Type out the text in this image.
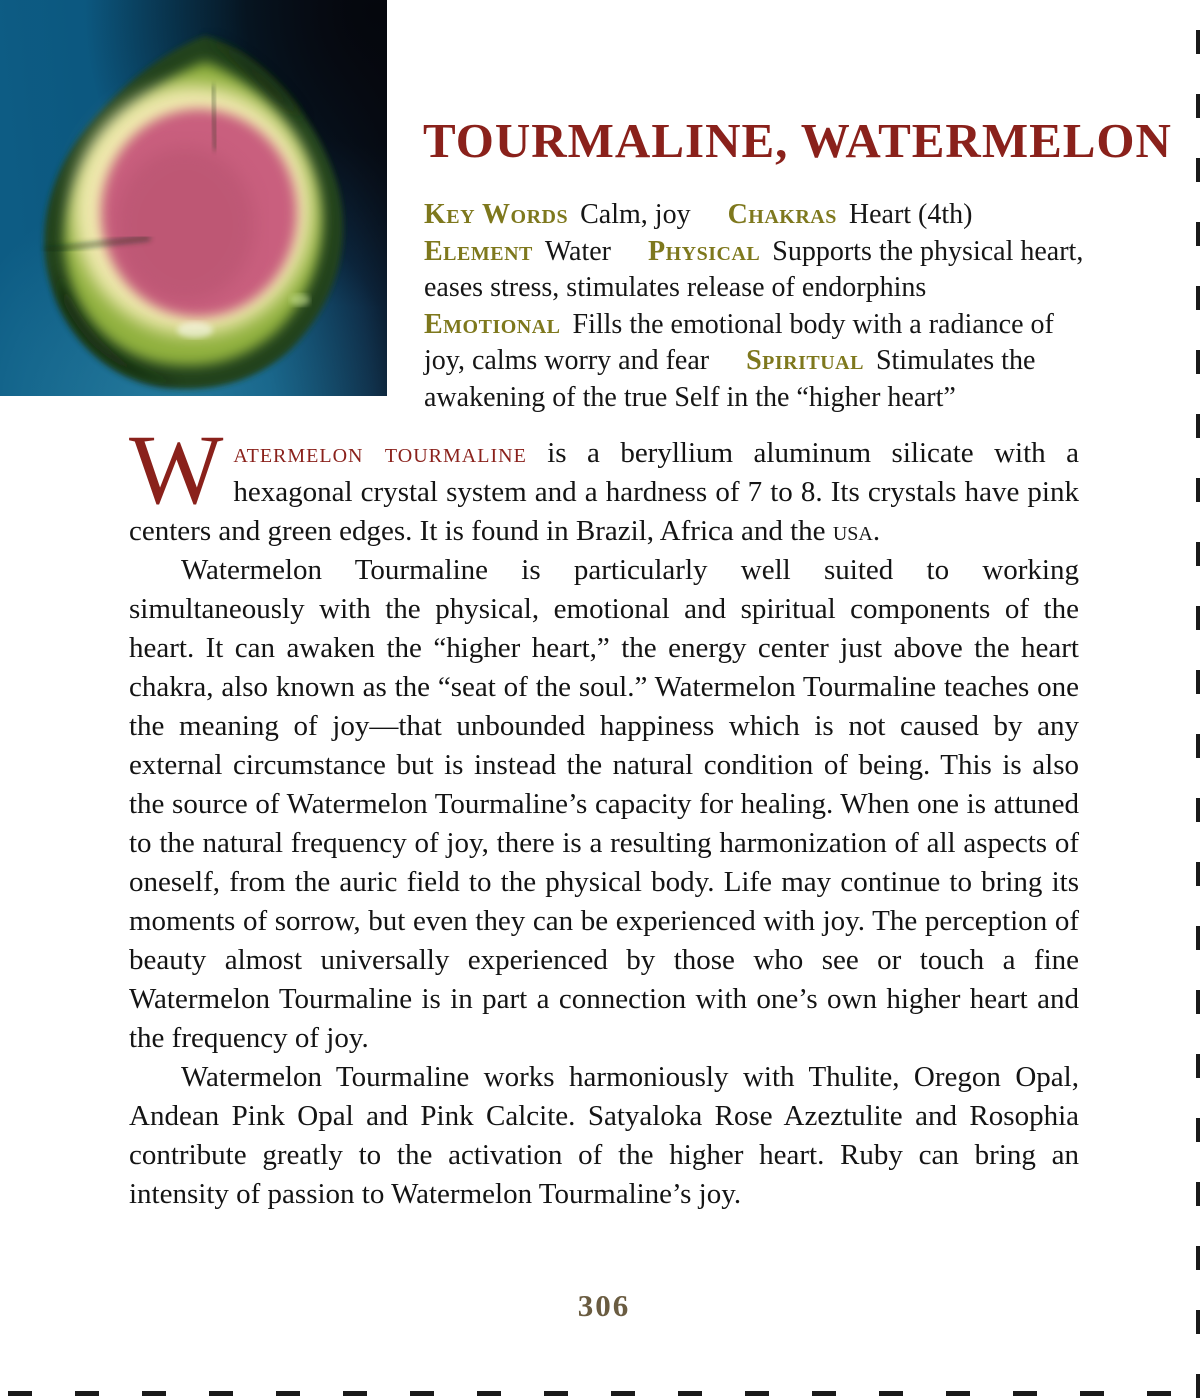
TOURMALINE, WATERMELON

Key Words Calm, joy Chakras Heart (4th)
Element Water Physical Supports the physical heart, eases stress, stimulates release of endorphins Emotional Fills the emotional body with a radiance of joy, calms worry and fear Spiritual Stimulates the awakening of the true Self in the “higher heart”

Watermelon tourmaline is a beryllium aluminum silicate with a hexagonal crystal system and a hardness of 7 to 8. Its crystals have pink centers and green edges. It is found in Brazil, Africa and the usa.

Watermelon Tourmaline is particularly well suited to working simultaneously with the physical, emotional and spiritual components of the heart. It can awaken the “higher heart,” the energy center just above the heart chakra, also known as the “seat of the soul.” Watermelon Tourmaline teaches one the meaning of joy—that unbounded happiness which is not caused by any external circumstance but is instead the natural condition of being. This is also the source of Watermelon Tourmaline’s capacity for healing. When one is attuned to the natural frequency of joy, there is a resulting harmonization of all aspects of oneself, from the auric field to the physical body. Life may continue to bring its moments of sorrow, but even they can be experienced with joy. The perception of beauty almost universally experienced by those who see or touch a fine Watermelon Tourmaline is in part a connection with one’s own higher heart and the frequency of joy.

Watermelon Tourmaline works harmoniously with Thulite, Oregon Opal, Andean Pink Opal and Pink Calcite. Satyaloka Rose Azeztulite and Rosophia contribute greatly to the activation of the higher heart. Ruby can bring an intensity of passion to Watermelon Tourmaline’s joy.

306
